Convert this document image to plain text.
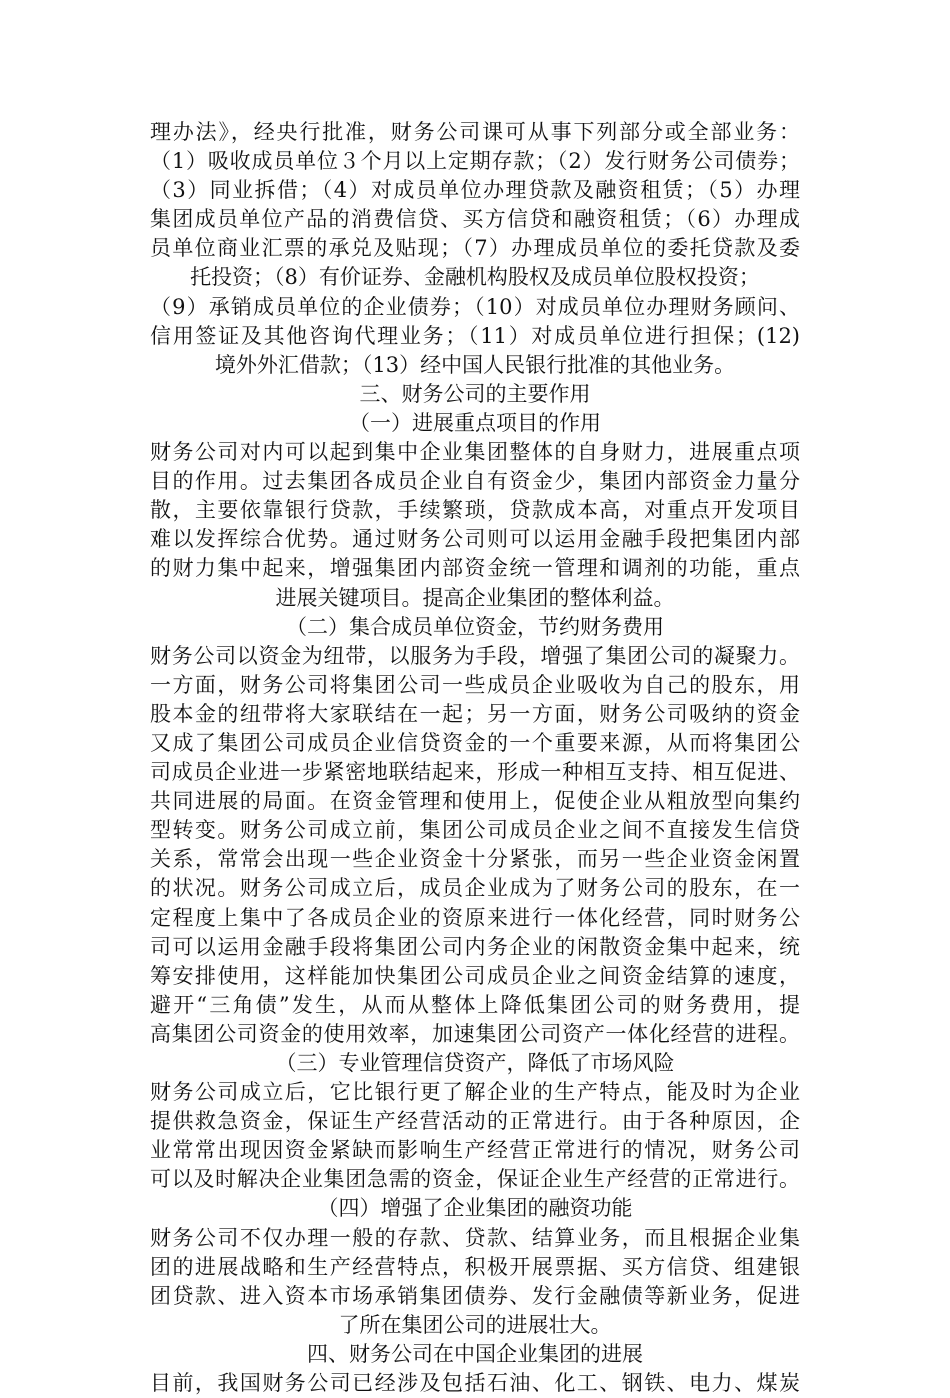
理办法》，经央行批准，财务公司课可从事下列部分或全部业务：
（1）吸收成员单位３个月以上定期存款；（2）发行财务公司债券；
（3）同业拆借；（4）对成员单位办理贷款及融资租赁；（5）办理
集团成员单位产品的消费信贷、买方信贷和融资租赁；（6）办理成
员单位商业汇票的承兑及贴现；（7）办理成员单位的委托贷款及委
托投资；（8）有价证券、金融机构股权及成员单位股权投资；
（9）承销成员单位的企业债券；（10）对成员单位办理财务顾问、
信用签证及其他咨询代理业务；（11）对成员单位进行担保；(12)
境外外汇借款；（13）经中国人民银行批准的其他业务。
三、财务公司的主要作用
（一）进展重点项目的作用
财务公司对内可以起到集中企业集团整体的自身财力，进展重点项
目的作用。过去集团各成员企业自有资金少，集团内部资金力量分
散，主要依靠银行贷款，手续繁琐，贷款成本高，对重点开发项目
难以发挥综合优势。通过财务公司则可以运用金融手段把集团内部
的财力集中起来，增强集团内部资金统一管理和调剂的功能，重点
进展关键项目。提高企业集团的整体利益。
（二）集合成员单位资金，节约财务费用
财务公司以资金为纽带，以服务为手段，增强了集团公司的凝聚力。
一方面，财务公司将集团公司一些成员企业吸收为自己的股东，用
股本金的纽带将大家联结在一起；另一方面，财务公司吸纳的资金
又成了集团公司成员企业信贷资金的一个重要来源，从而将集团公
司成员企业进一步紧密地联结起来，形成一种相互支持、相互促进、
共同进展的局面。在资金管理和使用上，促使企业从粗放型向集约
型转变。财务公司成立前，集团公司成员企业之间不直接发生信贷
关系，常常会出现一些企业资金十分紧张，而另一些企业资金闲置
的状况。财务公司成立后，成员企业成为了财务公司的股东，在一
定程度上集中了各成员企业的资原来进行一体化经营，同时财务公
司可以运用金融手段将集团公司内务企业的闲散资金集中起来，统
筹安排使用，这样能加快集团公司成员企业之间资金结算的速度，
避开“三角债”发生，从而从整体上降低集团公司的财务费用，提
高集团公司资金的使用效率，加速集团公司资产一体化经营的进程。
（三）专业管理信贷资产，降低了市场风险
财务公司成立后，它比银行更了解企业的生产特点，能及时为企业
提供救急资金，保证生产经营活动的正常进行。由于各种原因，企
业常常出现因资金紧缺而影响生产经营正常进行的情况，财务公司
可以及时解决企业集团急需的资金，保证企业生产经营的正常进行。
（四）增强了企业集团的融资功能
财务公司不仅办理一般的存款、贷款、结算业务，而且根据企业集
团的进展战略和生产经营特点，积极开展票据、买方信贷、组建银
团贷款、进入资本市场承销集团债券、发行金融债等新业务，促进
了所在集团公司的进展壮大。
四、财务公司在中国企业集团的进展
目前，我国财务公司已经涉及包括石油、化工、钢铁、电力、煤炭
